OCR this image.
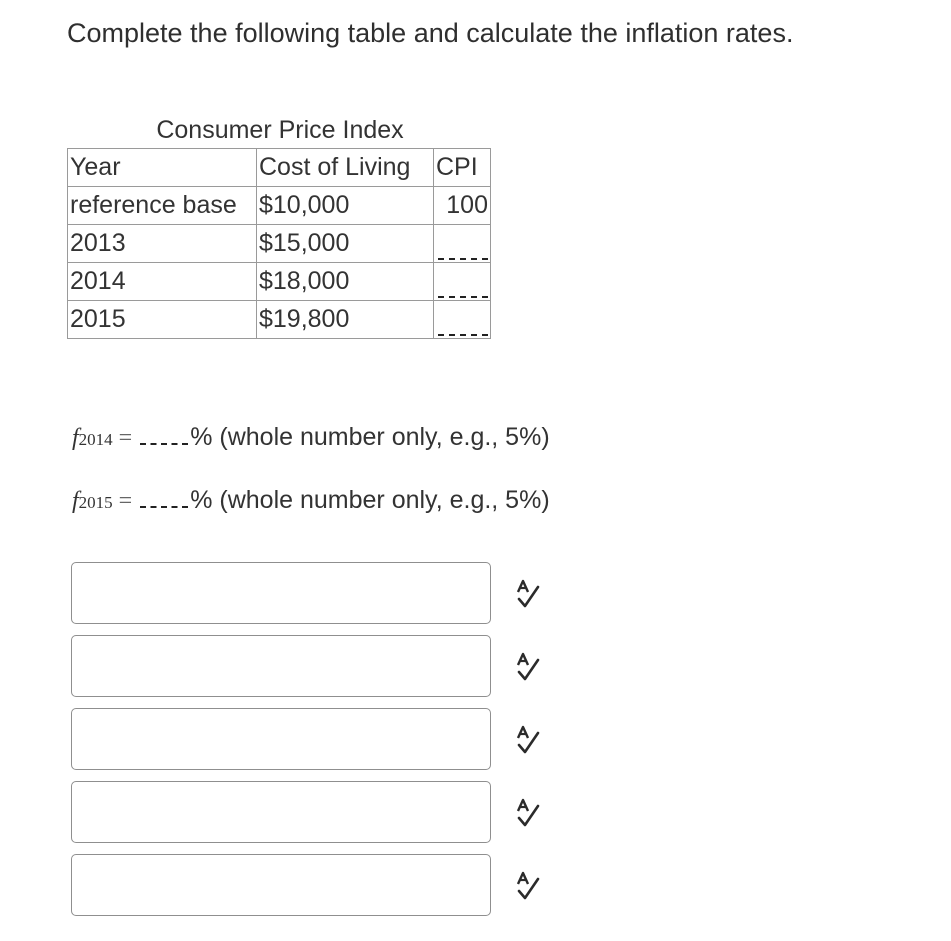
Complete the following table and calculate the inflation rates.
Consumer Price Index
Year	Cost of Living	CPI
reference base	$10,000	100
2013	$15,000	
2014	$18,000	
2015	$19,800	
f2014 = % (whole number only, e.g., 5%)
f2015 = % (whole number only, e.g., 5%)
